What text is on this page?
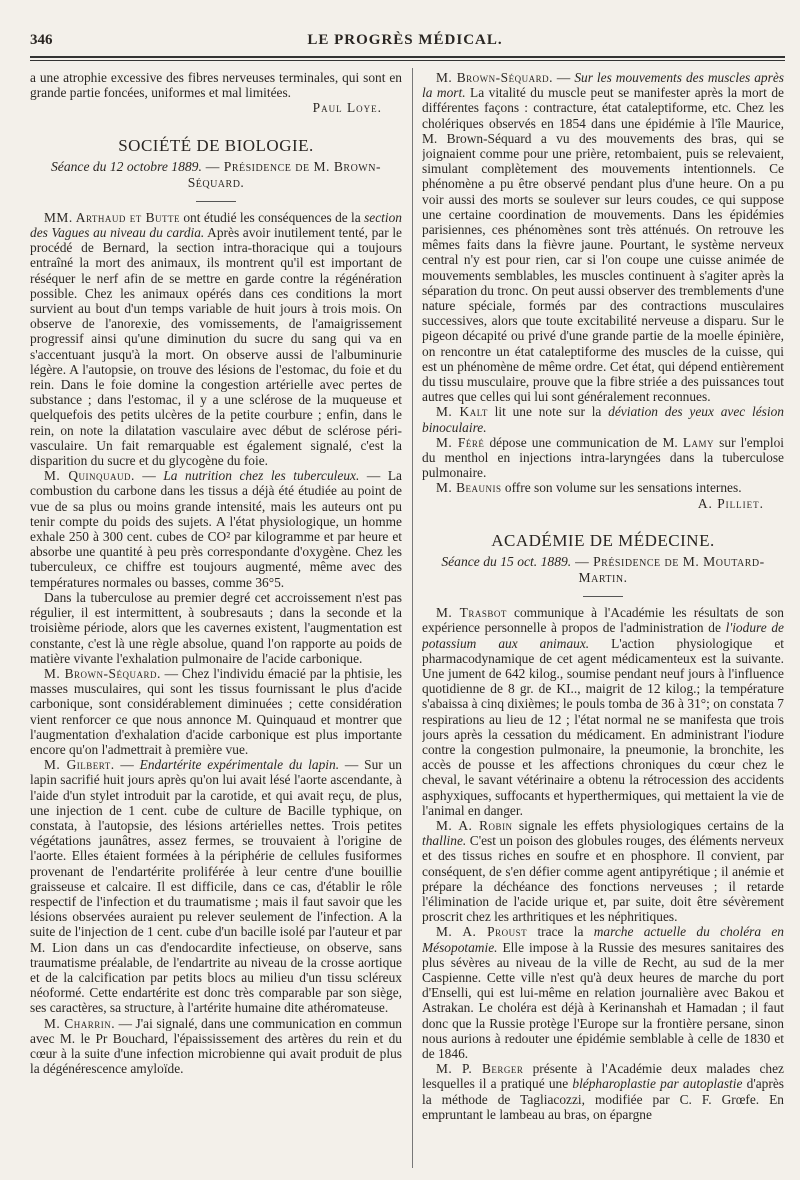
346	LE PROGRÈS MÉDICAL.

a une atrophie excessive des fibres nerveuses terminales, qui sont en grande partie foncées, uniformes et mal limitées.

Paul Loye.

SOCIÉTÉ DE BIOLOGIE.
Séance du 12 octobre 1889. — Présidence de M. Brown-Séquard.

MM. Arthaud et Butte ont étudié les conséquences de la section des Vagues au niveau du cardia. Après avoir inutilement tenté, par le procédé de Bernard, la section intra-thoracique qui a toujours entraîné la mort des animaux, ils montrent qu'il est important de réséquer le nerf afin de se mettre en garde contre la régénération possible. Chez les animaux opérés dans ces conditions la mort survient au bout d'un temps variable de huit jours à trois mois. On observe de l'anorexie, des vomissements, de l'amaigrissement progressif ainsi qu'une diminution du sucre du sang qui va en s'accentuant jusqu'à la mort. On observe aussi de l'albuminurie légère. A l'autopsie, on trouve des lésions de l'estomac, du foie et du rein. Dans le foie domine la congestion artérielle avec pertes de substance ; dans l'estomac, il y a une sclérose de la muqueuse et quelquefois des petits ulcères de la petite courbure ; enfin, dans le rein, on note la dilatation vasculaire avec début de sclérose péri-vasculaire. Un fait remarquable est également signalé, c'est la disparition du sucre et du glycogène du foie.

M. Quinquaud. — La nutrition chez les tuberculeux. — La combustion du carbone dans les tissus a déjà été étudiée au point de vue de sa plus ou moins grande intensité, mais les auteurs ont pu tenir compte du poids des sujets. A l'état physiologique, un homme exhale 250 à 300 cent. cubes de CO² par kilogramme et par heure et absorbe une quantité à peu près correspondante d'oxygène. Chez les tuberculeux, ce chiffre est toujours augmenté, même avec des températures normales ou basses, comme 36°5.

Dans la tuberculose au premier degré cet accroissement n'est pas régulier, il est intermittent, à soubresauts ; dans la seconde et la troisième période, alors que les cavernes existent, l'augmentation est constante, c'est là une règle absolue, quand l'on rapporte au poids de matière vivante l'exhalation pulmonaire de l'acide carbonique.

M. Brown-Séquard. — Chez l'individu émacié par la phtisie, les masses musculaires, qui sont les tissus fournissant le plus d'acide carbonique, sont considérablement diminuées ; cette considération vient renforcer ce que nous annonce M. Quinquaud et montrer que l'augmentation d'exhalation d'acide carbonique est plus importante encore qu'on l'admettrait à première vue.

M. Gilbert. — Endartérite expérimentale du lapin. — Sur un lapin sacrifié huit jours après qu'on lui avait lésé l'aorte ascendante, à l'aide d'un stylet introduit par la carotide, et qui avait reçu, de plus, une injection de 1 cent. cube de culture de Bacille typhique, on constata, à l'autopsie, des lésions artérielles nettes. Trois petites végétations jaunâtres, assez fermes, se trouvaient à l'origine de l'aorte. Elles étaient formées à la périphérie de cellules fusiformes provenant de l'endartérite proliférée à leur centre d'une bouillie graisseuse et calcaire. Il est difficile, dans ce cas, d'établir le rôle respectif de l'infection et du traumatisme ; mais il faut savoir que les lésions observées auraient pu relever seulement de l'infection. A la suite de l'injection de 1 cent. cube d'un bacille isolé par l'auteur et par M. Lion dans un cas d'endocardite infectieuse, on observe, sans traumatisme préalable, de l'endartrite au niveau de la crosse aortique et de la calcification par petits blocs au milieu d'un tissu scléreux néoformé. Cette endartérite est donc très comparable par son siège, ses caractères, sa structure, à l'artérite humaine dite athéromateuse.

M. Charrin. — J'ai signalé, dans une communication en commun avec M. le Pr Bouchard, l'épaississement des artères du rein et du cœur à la suite d'une infection microbienne qui avait produit de plus la dégénérescence amyloïde.

M. Brown-Séquard. — Sur les mouvements des muscles après la mort. La vitalité du muscle peut se manifester après la mort de différentes façons : contracture, état cataleptiforme, etc. Chez les cholériques observés en 1854 dans une épidémie à l'île Maurice, M. Brown-Séquard a vu des mouvements des bras, qui se joignaient comme pour une prière, retombaient, puis se relevaient, simulant complètement des mouvements intentionnels. Ce phénomène a pu être observé pendant plus d'une heure. On a pu voir aussi des morts se soulever sur leurs coudes, ce qui suppose une certaine coordination de mouvements. Dans les épidémies parisiennes, ces phénomènes sont très atténués. On retrouve les mêmes faits dans la fièvre jaune. Pourtant, le système nerveux central n'y est pour rien, car si l'on coupe une cuisse animée de mouvements semblables, les muscles continuent à s'agiter après la séparation du tronc. On peut aussi observer des tremblements d'une nature spéciale, formés par des contractions musculaires successives, alors que toute excitabilité nerveuse a disparu. Sur le pigeon décapité ou privé d'une grande partie de la moelle épinière, on rencontre un état cataleptiforme des muscles de la cuisse, qui est un phénomène de même ordre. Cet état, qui dépend entièrement du tissu musculaire, prouve que la fibre striée a des puissances tout autres que celles qui lui sont généralement reconnues.

M. Kalt lit une note sur la déviation des yeux avec lésion binoculaire.

M. Féré dépose une communication de M. Lamy sur l'emploi du menthol en injections intra-laryngées dans la tuberculose pulmonaire.

M. Beaunis offre son volume sur les sensations internes.

A. Pilliet.

ACADÉMIE DE MÉDECINE.
Séance du 15 oct. 1889. — Présidence de M. Moutard-Martin.

M. Trasbot communique à l'Académie les résultats de son expérience personnelle à propos de l'administration de l'iodure de potassium aux animaux. L'action physiologique et pharmacodynamique de cet agent médicamenteux est la suivante. Une jument de 642 kilog., soumise pendant neuf jours à l'influence quotidienne de 8 gr. de KI.., maigrit de 12 kilog.; la température s'abaissa à cinq dixièmes; le pouls tomba de 36 à 31°; on constata 7 respirations au lieu de 12 ; l'état normal ne se manifesta que trois jours après la cessation du médicament. En administrant l'iodure contre la congestion pulmonaire, la pneumonie, la bronchite, les accès de pousse et les affections chroniques du cœur chez le cheval, le savant vétérinaire a obtenu la rétrocession des accidents asphyxiques, suffocants et hyperthermiques, qui mettaient la vie de l'animal en danger.

M. A. Robin signale les effets physiologiques certains de la thalline. C'est un poison des globules rouges, des éléments nerveux et des tissus riches en soufre et en phosphore. Il convient, par conséquent, de s'en défier comme agent antipyrétique ; il anémie et prépare la déchéance des fonctions nerveuses ; il retarde l'élimination de l'acide urique et, par suite, doit être sévèrement proscrit chez les arthritiques et les néphritiques.

M. A. Proust trace la marche actuelle du choléra en Mésopotamie. Elle impose à la Russie des mesures sanitaires des plus sévères au niveau de la ville de Recht, au sud de la mer Caspienne. Cette ville n'est qu'à deux heures de marche du port d'Enselli, qui est lui-même en relation journalière avec Bakou et Astrakan. Le choléra est déjà à Kerinanshah et Hamadan ; il faut donc que la Russie protège l'Europe sur la frontière persane, sinon nous aurions à redouter une épidémie semblable à celle de 1830 et de 1846.

M. P. Berger présente à l'Académie deux malades chez lesquelles il a pratiqué une blépharoplastie par autoplastie d'après la méthode de Tagliacozzi, modifiée par C. F. Grœfe. En empruntant le lambeau au bras, on épargne
